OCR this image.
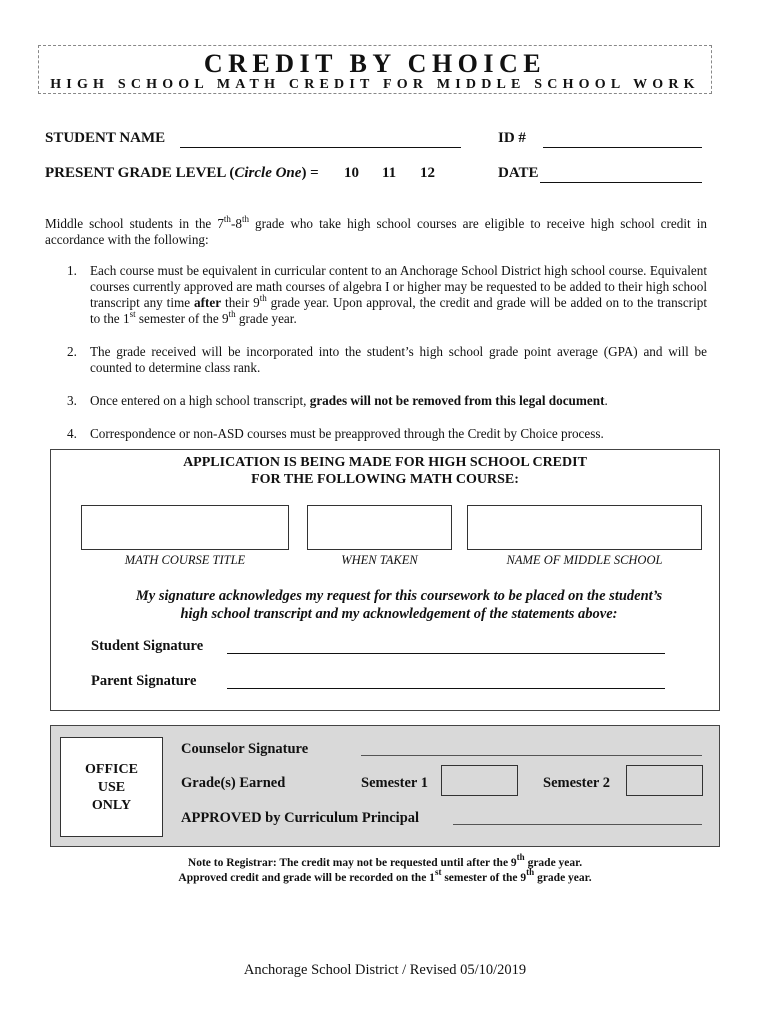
CREDIT BY CHOICE
HIGH SCHOOL MATH CREDIT FOR MIDDLE SCHOOL WORK
STUDENT NAME	ID #
PRESENT GRADE LEVEL (Circle One) = 10 11 12	DATE
Middle school students in the 7th-8th grade who take high school courses are eligible to receive high school credit in accordance with the following:
1. Each course must be equivalent in curricular content to an Anchorage School District high school course. Equivalent courses currently approved are math courses of algebra I or higher may be requested to be added to their high school transcript any time after their 9th grade year. Upon approval, the credit and grade will be added on to the transcript to the 1st semester of the 9th grade year.
2. The grade received will be incorporated into the student’s high school grade point average (GPA) and will be counted to determine class rank.
3. Once entered on a high school transcript, grades will not be removed from this legal document.
4. Correspondence or non-ASD courses must be preapproved through the Credit by Choice process.
APPLICATION IS BEING MADE FOR HIGH SCHOOL CREDIT
FOR THE FOLLOWING MATH COURSE:
MATH COURSE TITLE	WHEN TAKEN	NAME OF MIDDLE SCHOOL
My signature acknowledges my request for this coursework to be placed on the student’s
high school transcript and my acknowledgement of the statements above:
Student Signature
Parent Signature
OFFICE
USE
ONLY
Counselor Signature
Grade(s) Earned	Semester 1	Semester 2
APPROVED by Curriculum Principal
Note to Registrar: The credit may not be requested until after the 9th grade year.
Approved credit and grade will be recorded on the 1st semester of the 9th grade year.
Anchorage School District / Revised 05/10/2019
